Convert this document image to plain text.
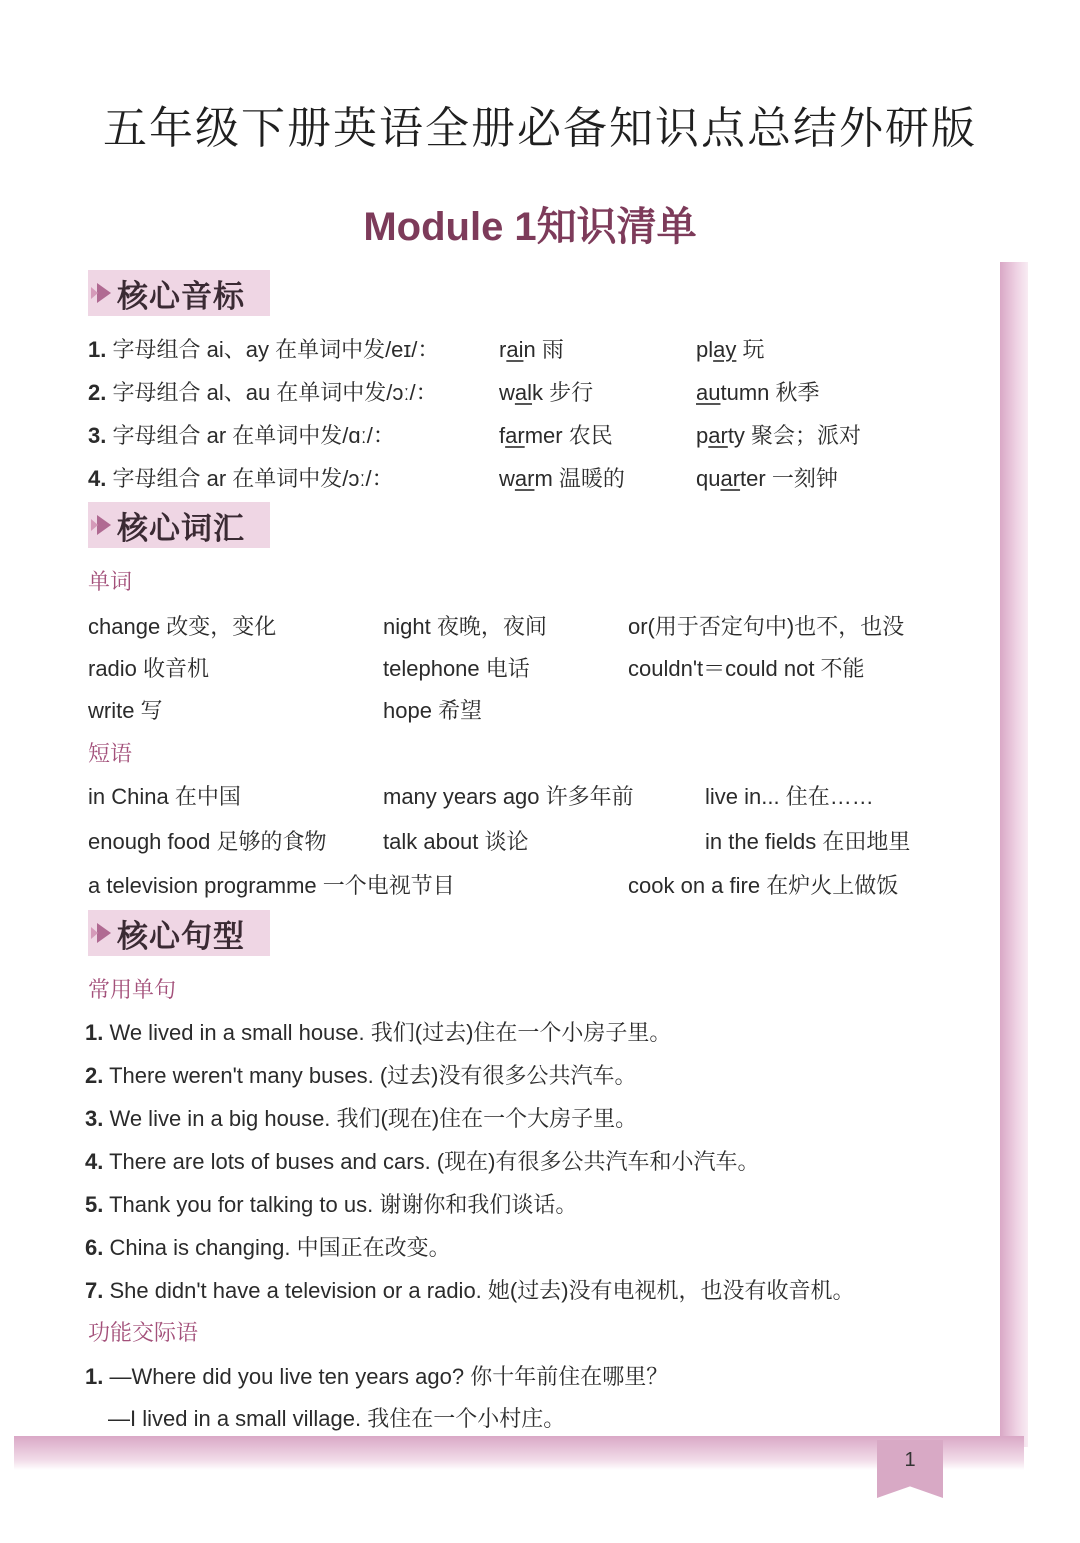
五年级下册英语全册必备知识点总结外研版
Module 1知识清单
1
核心音标
1. 字母组合 ai、ay 在单词中发/eɪ/：	rain 雨	play 玩
2. 字母组合 al、au 在单词中发/ɔː/：	walk 步行	autumn 秋季
3. 字母组合 ar 在单词中发/ɑː/：	farmer 农民	party 聚会；派对
4. 字母组合 ar 在单词中发/ɔː/：	warm 温暖的	quarter 一刻钟
核心词汇
单词
change 改变，变化	night 夜晚，夜间	or(用于否定句中)也不，也没
radio 收音机	telephone 电话	couldn't＝could not 不能
write 写	hope 希望
短语
in China 在中国	many years ago 许多年前	live in... 住在……
enough food 足够的食物	talk about 谈论	in the fields 在田地里
a television programme 一个电视节目	cook on a fire 在炉火上做饭
核心句型
常用单句
1. We lived in a small house. 我们(过去)住在一个小房子里。
2. There weren't many buses. (过去)没有很多公共汽车。
3. We live in a big house. 我们(现在)住在一个大房子里。
4. There are lots of buses and cars. (现在)有很多公共汽车和小汽车。
5. Thank you for talking to us. 谢谢你和我们谈话。
6. China is changing. 中国正在改变。
7. She didn't have a television or a radio. 她(过去)没有电视机，也没有收音机。
功能交际语
1. —Where did you live ten years ago? 你十年前住在哪里？
—I lived in a small village. 我住在一个小村庄。
